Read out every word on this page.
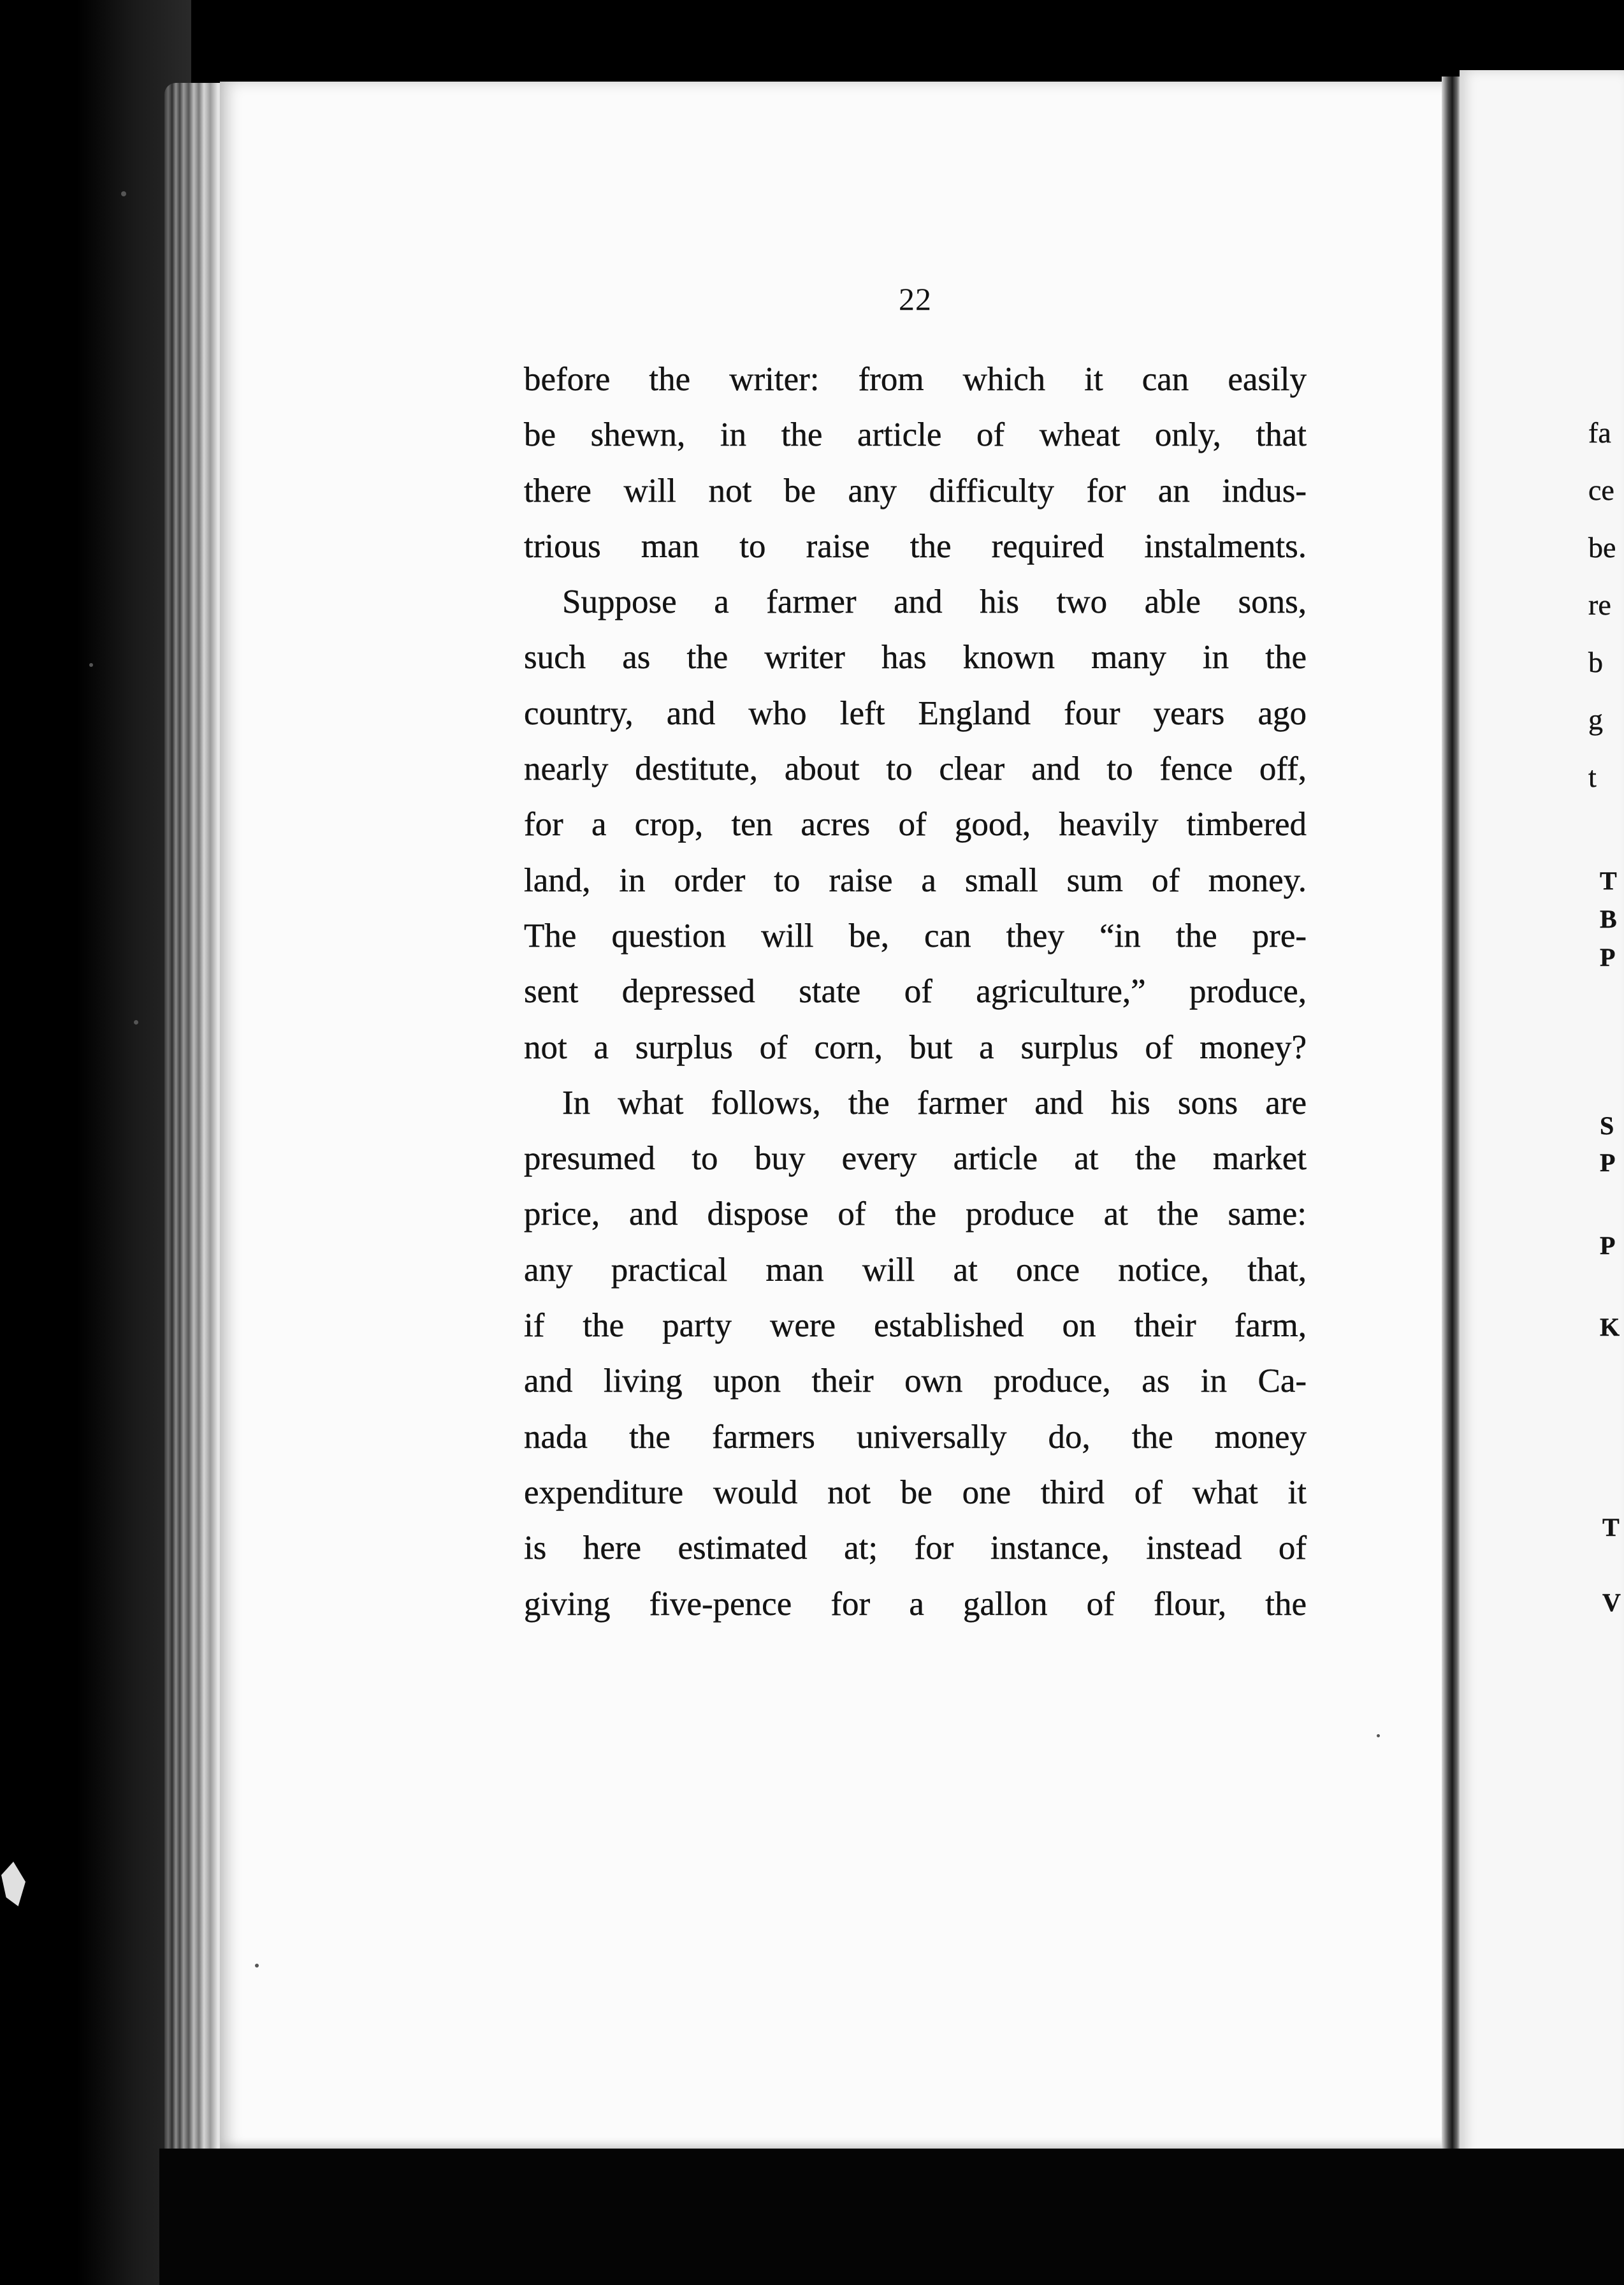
22
before the writer: from which it can easily
be shewn, in the article of wheat only, that
there will not be any difficulty for an indus-
trious man to raise the required instalments.
Suppose a farmer and his two able sons,
such as the writer has known many in the
country, and who left England four years ago
nearly destitute, about to clear and to fence off,
for a crop, ten acres of good, heavily timbered
land, in order to raise a small sum of money.
The question will be, can they “in the pre-
sent depressed state of agriculture,” produce,
not a surplus of corn, but a surplus of money?
In what follows, the farmer and his sons are
presumed to buy every article at the market
price, and dispose of the produce at the same:
any practical man will at once notice, that,
if the party were established on their farm,
and living upon their own produce, as in Ca-
nada the farmers universally do, the money
expenditure would not be one third of what it
is here estimated at; for instance, instead of
giving five-pence for a gallon of flour, the
fa
ce
be
re
b
g
t
T
B
P
S
P
P
K
T
V
